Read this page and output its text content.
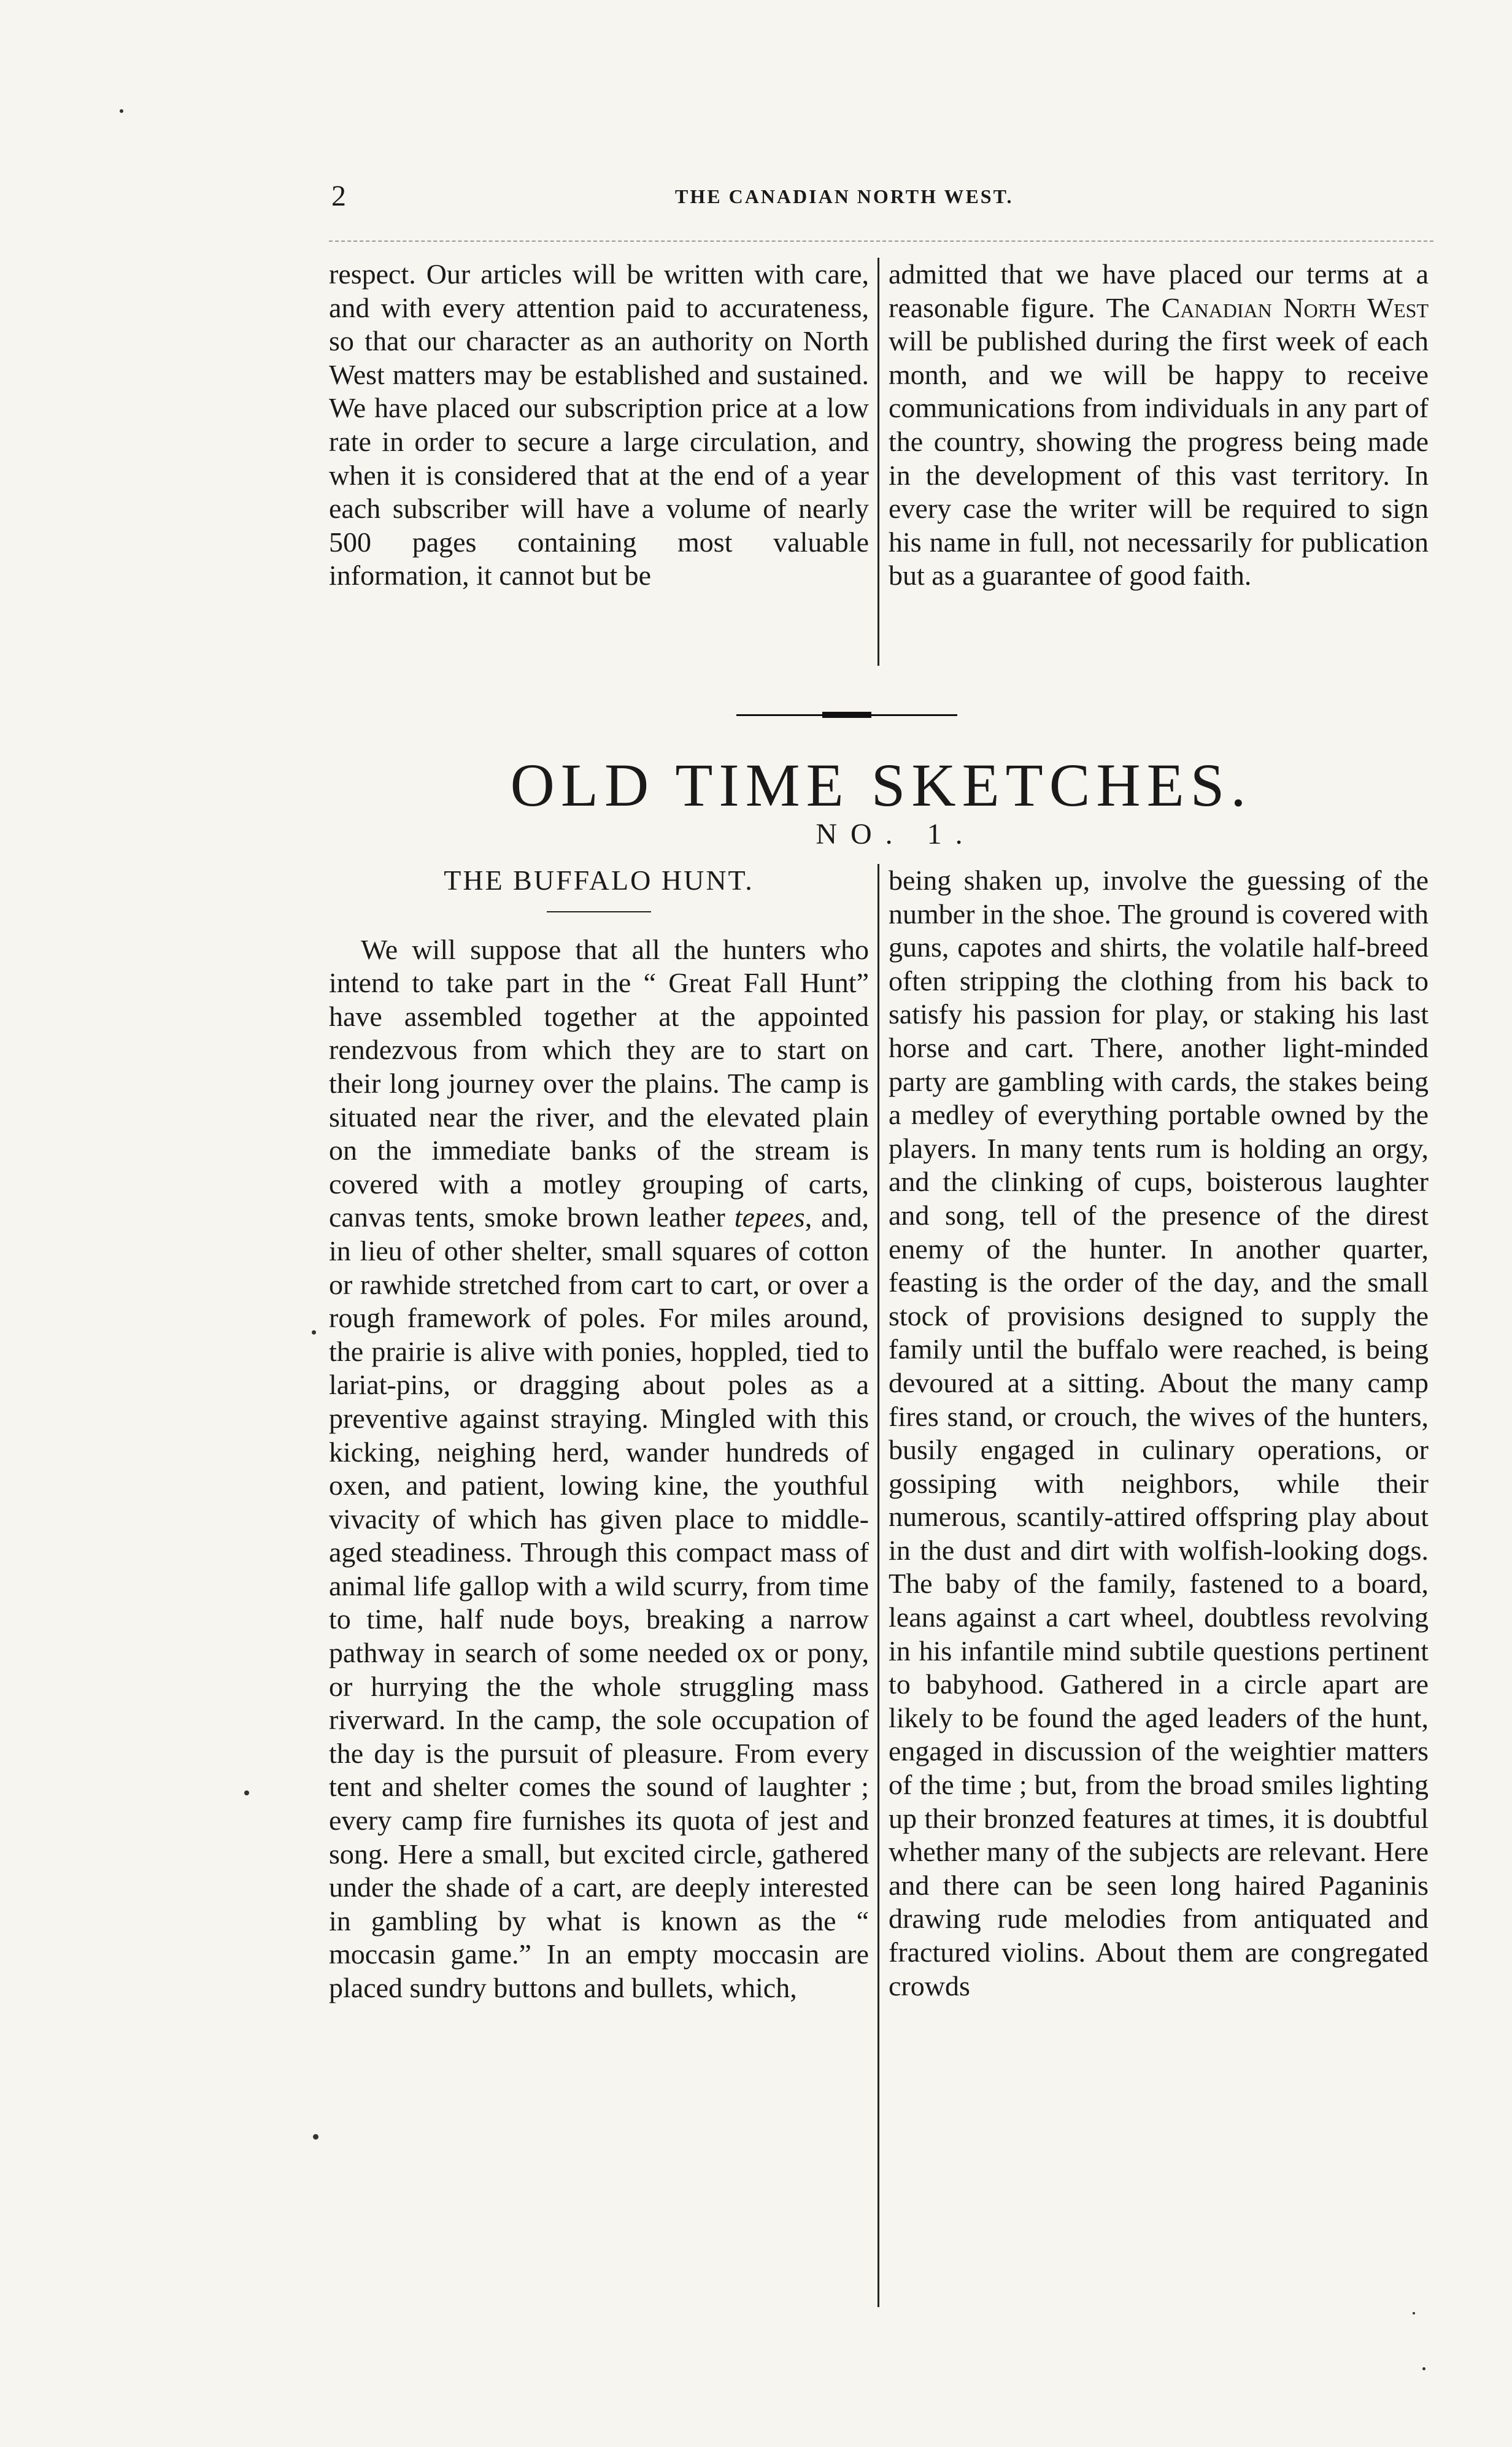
2	THE CANADIAN NORTH WEST.

respect. Our articles will be written with care, and with every attention paid to accurateness, so that our character as an authority on North West matters may be established and sustained. We have placed our subscription price at a low rate in order to secure a large circulation, and when it is considered that at the end of a year each subscriber will have a volume of nearly 500 pages containing most valuable information, it cannot but be

admitted that we have placed our terms at a reasonable figure. The Canadian North West will be published during the first week of each month, and we will be happy to receive communications from individuals in any part of the country, showing the progress being made in the development of this vast territory. In every case the writer will be required to sign his name in full, not necessarily for publication but as a guarantee of good faith.

OLD TIME SKETCHES.
NO. 1.
THE BUFFALO HUNT.

We will suppose that all the hunters who intend to take part in the “ Great Fall Hunt” have assembled together at the appointed rendezvous from which they are to start on their long journey over the plains. The camp is situated near the river, and the elevated plain on the immediate banks of the stream is covered with a motley grouping of carts, canvas tents, smoke brown leather tepees, and, in lieu of other shelter, small squares of cotton or rawhide stretched from cart to cart, or over a rough framework of poles. For miles around, the prairie is alive with ponies, hoppled, tied to lariat-pins, or dragging about poles as a preventive against straying. Mingled with this kicking, neighing herd, wander hundreds of oxen, and patient, lowing kine, the youthful vivacity of which has given place to middle-aged steadiness. Through this compact mass of animal life gallop with a wild scurry, from time to time, half nude boys, breaking a narrow pathway in search of some needed ox or pony, or hurrying the the whole struggling mass riverward. In the camp, the sole occupation of the day is the pursuit of pleasure. From every tent and shelter comes the sound of laughter ; every camp fire furnishes its quota of jest and song. Here a small, but excited circle, gathered under the shade of a cart, are deeply interested in gambling by what is known as the “ moccasin game.” In an empty moccasin are placed sundry buttons and bullets, which,

being shaken up, involve the guessing of the number in the shoe. The ground is covered with guns, capotes and shirts, the volatile half-breed often stripping the clothing from his back to satisfy his passion for play, or staking his last horse and cart. There, another light-minded party are gambling with cards, the stakes being a medley of everything portable owned by the players. In many tents rum is holding an orgy, and the clinking of cups, boisterous laughter and song, tell of the presence of the direst enemy of the hunter. In another quarter, feasting is the order of the day, and the small stock of provisions designed to supply the family until the buffalo were reached, is being devoured at a sitting. About the many camp fires stand, or crouch, the wives of the hunters, busily engaged in culinary operations, or gossiping with neighbors, while their numerous, scantily-attired offspring play about in the dust and dirt with wolfish-looking dogs. The baby of the family, fastened to a board, leans against a cart wheel, doubtless revolving in his infantile mind subtile questions pertinent to babyhood. Gathered in a circle apart are likely to be found the aged leaders of the hunt, engaged in discussion of the weightier matters of the time ; but, from the broad smiles lighting up their bronzed features at times, it is doubtful whether many of the subjects are relevant. Here and there can be seen long haired Paganinis drawing rude melodies from antiquated and fractured violins. About them are congregated crowds
